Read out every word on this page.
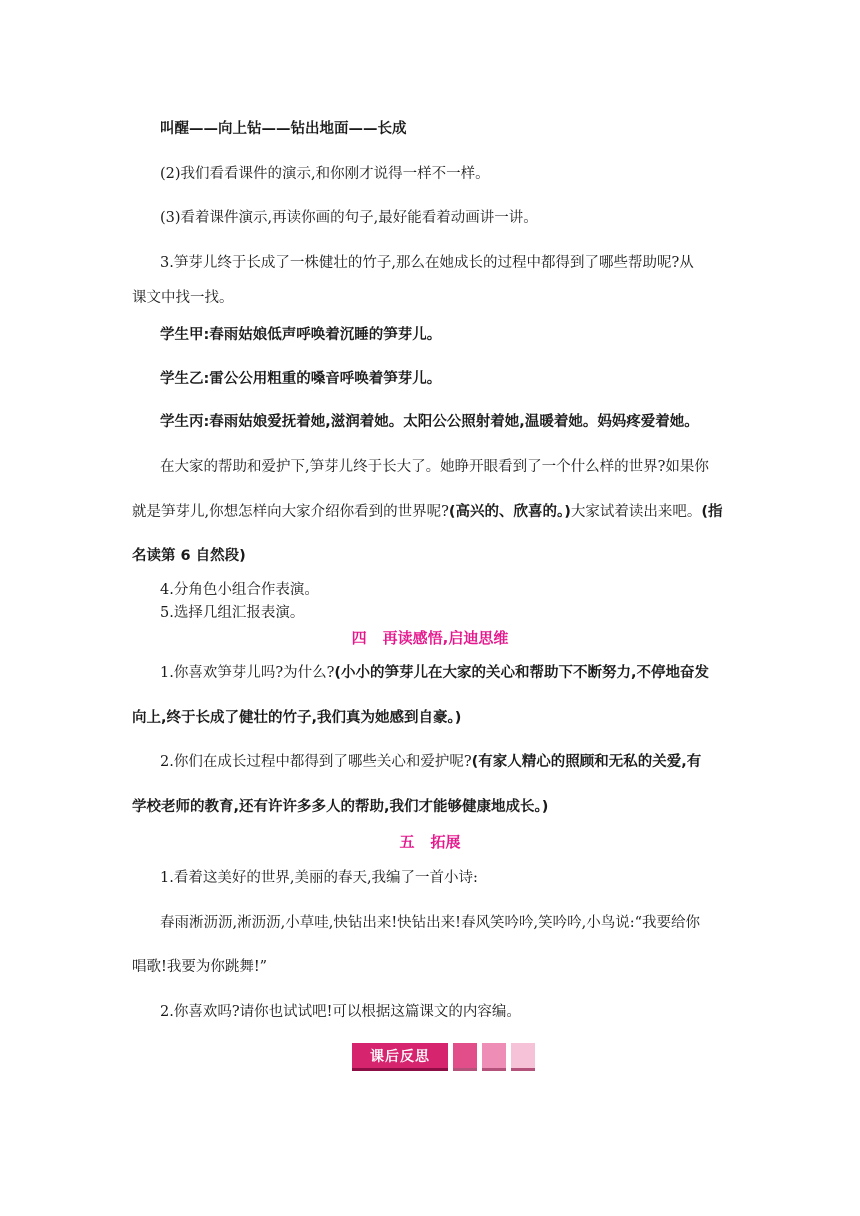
叫醒——向上钻——钻出地面——长成
(2)我们看看课件的演示,和你刚才说得一样不一样。
(3)看着课件演示,再读你画的句子,最好能看着动画讲一讲。
3.笋芽儿终于长成了一株健壮的竹子,那么在她成长的过程中都得到了哪些帮助呢?从
课文中找一找。
学生甲:春雨姑娘低声呼唤着沉睡的笋芽儿。
学生乙:雷公公用粗重的嗓音呼唤着笋芽儿。
学生丙:春雨姑娘爱抚着她,滋润着她。太阳公公照射着她,温暖着她。妈妈疼爱着她。
在大家的帮助和爱护下,笋芽儿终于长大了。她睁开眼看到了一个什么样的世界?如果你
就是笋芽儿,你想怎样向大家介绍你看到的世界呢?(高兴的、欣喜的。)大家试着读出来吧。(指
名读第 6 自然段)
4.分角色小组合作表演。
5.选择几组汇报表演。
四 再读感悟,启迪思维
1.你喜欢笋芽儿吗?为什么?(小小的笋芽儿在大家的关心和帮助下不断努力,不停地奋发
向上,终于长成了健壮的竹子,我们真为她感到自豪。)
2.你们在成长过程中都得到了哪些关心和爱护呢?(有家人精心的照顾和无私的关爱,有
学校老师的教育,还有许许多多人的帮助,我们才能够健康地成长。)
五 拓展
1.看着这美好的世界,美丽的春天,我编了一首小诗:
春雨淅沥沥,淅沥沥,小草哇,快钻出来!快钻出来!春风笑吟吟,笑吟吟,小鸟说:“我要给你
唱歌!我要为你跳舞!”
2.你喜欢吗?请你也试试吧!可以根据这篇课文的内容编。
课后反思
